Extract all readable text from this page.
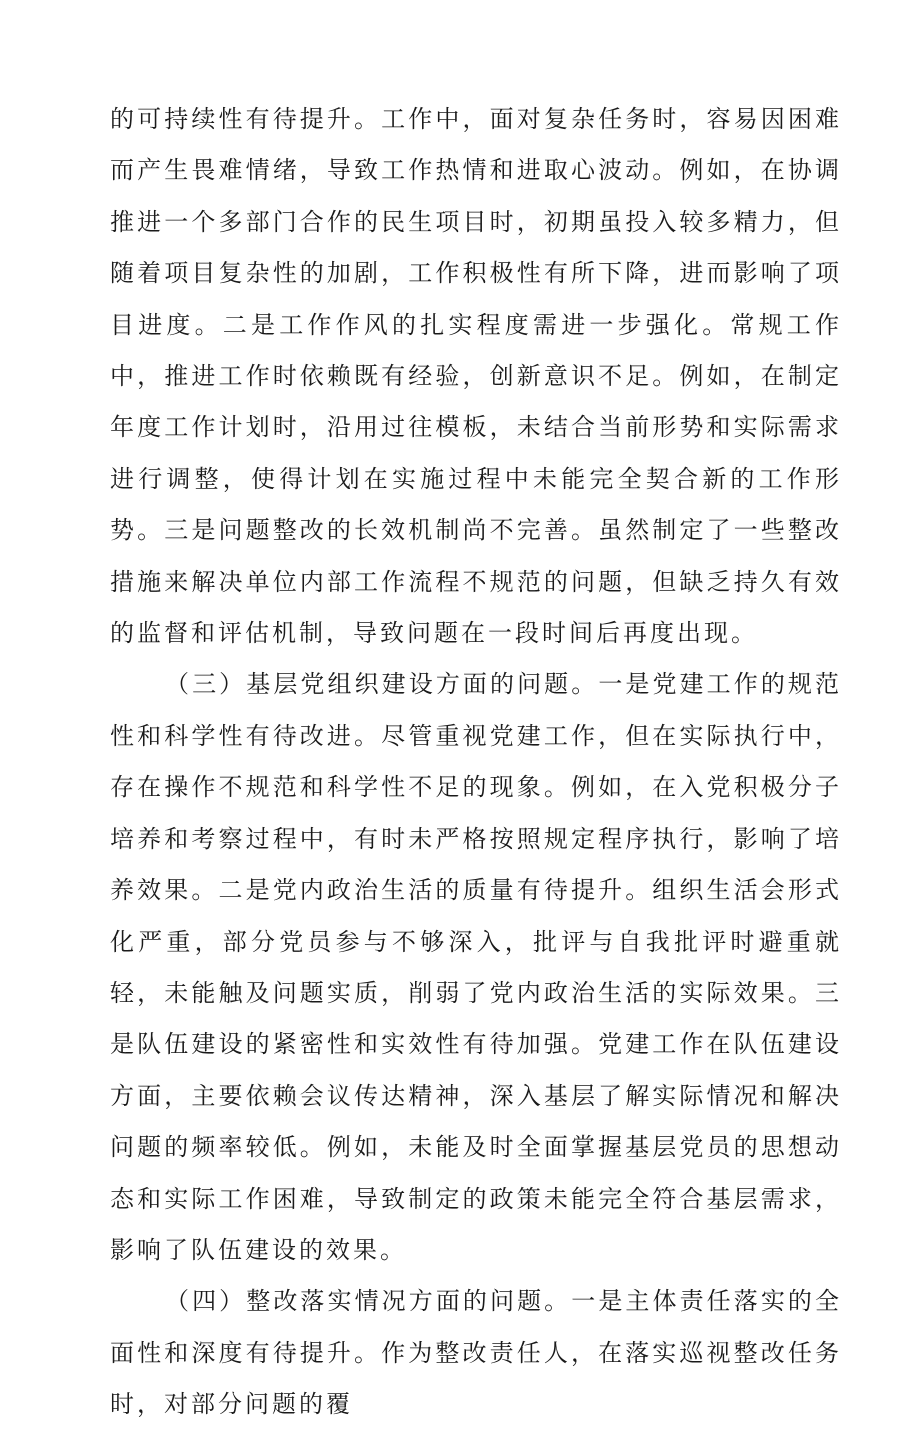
的可持续性有待提升。工作中，面对复杂任务时，容易因困难而产生畏难情绪，导致工作热情和进取心波动。例如，在协调推进一个多部门合作的民生项目时，初期虽投入较多精力，但随着项目复杂性的加剧，工作积极性有所下降，进而影响了项目进度。二是工作作风的扎实程度需进一步强化。常规工作中，推进工作时依赖既有经验，创新意识不足。例如，在制定年度工作计划时，沿用过往模板，未结合当前形势和实际需求进行调整，使得计划在实施过程中未能完全契合新的工作形势。三是问题整改的长效机制尚不完善。虽然制定了一些整改措施来解决单位内部工作流程不规范的问题，但缺乏持久有效的监督和评估机制，导致问题在一段时间后再度出现。

（三）基层党组织建设方面的问题。一是党建工作的规范性和科学性有待改进。尽管重视党建工作，但在实际执行中，存在操作不规范和科学性不足的现象。例如，在入党积极分子培养和考察过程中，有时未严格按照规定程序执行，影响了培养效果。二是党内政治生活的质量有待提升。组织生活会形式化严重，部分党员参与不够深入，批评与自我批评时避重就轻，未能触及问题实质，削弱了党内政治生活的实际效果。三是队伍建设的紧密性和实效性有待加强。党建工作在队伍建设方面，主要依赖会议传达精神，深入基层了解实际情况和解决问题的频率较低。例如，未能及时全面掌握基层党员的思想动态和实际工作困难，导致制定的政策未能完全符合基层需求，影响了队伍建设的效果。

（四）整改落实情况方面的问题。一是主体责任落实的全面性和深度有待提升。作为整改责任人，在落实巡视整改任务时，对部分问题的覆
